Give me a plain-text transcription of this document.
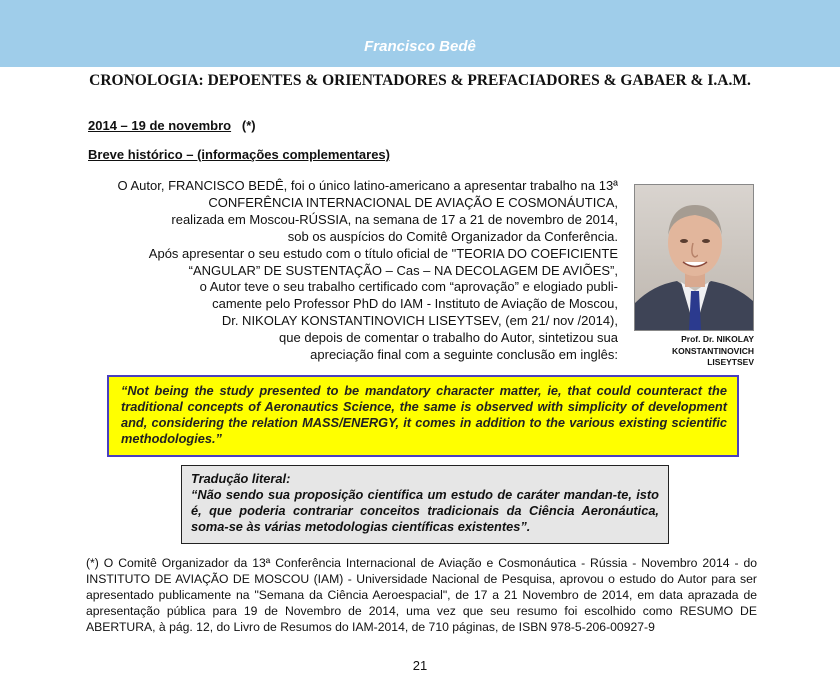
Francisco Bedê
CRONOLOGIA: DEPOENTES & ORIENTADORES & PREFACIADORES & GABAER & I.A.M.
2014 – 19 de novembro (*)
Breve histórico – (informações complementares)

O Autor, FRANCISCO BEDÊ, foi o único latino-americano a apresentar trabalho na 13ª

CONFERÊNCIA INTERNACIONAL DE AVIAÇÃO E COSMONÁUTICA,

realizada em Moscou-RÚSSIA, na semana de 17 a 21 de novembro de 2014,

sob os auspícios do Comitê Organizador da Conferência.

Após apresentar o seu estudo com o título oficial de "TEORIA DO COEFICIENTE

“ANGULAR” DE SUSTENTAÇÃO – Cas – NA DECOLAGEM DE AVIÕES”,

o Autor teve o seu trabalho certificado com “aprovação” e elogiado publi-

camente pelo Professor PhD do IAM - Instituto de Aviação de Moscou,

Dr. NIKOLAY KONSTANTINOVICH LISEYTSEV, (em 21/ nov /2014),

que depois de comentar o trabalho do Autor, sintetizou sua

apreciação final com a seguinte conclusão em inglês:

Prof. Dr. NIKOLAY

KONSTANTINOVICH

LISEYTSEV

“Not being the study presented to be mandatory character matter, ie, that could counteract the traditional concepts of Aeronautics Science, the same is observed with simplicity of development and, considering the relation MASS/ENERGY, it comes in addition to the various existing scientific methodologies.”

Tradução literal:

“Não sendo sua proposição científica um estudo de caráter mandan-te, isto é, que poderia contrariar conceitos tradicionais da Ciência Aeronáutica, soma-se às várias metodologias científicas existentes”.

(*) O Comitê Organizador da 13ª Conferência Internacional de Aviação e Cosmonáutica - Rússia - Novembro 2014 - do INSTITUTO DE AVIAÇÃO DE MOSCOU (IAM) - Universidade Nacional de Pesquisa, aprovou o estudo do Autor para ser apresentado publicamente na "Semana da Ciência Aeroespacial", de 17 a 21 Novembro de 2014, em data aprazada de apresentação pública para 19 de Novembro de 2014, uma vez que seu resumo foi escolhido como RESUMO DE ABERTURA, à pág. 12, do Livro de Resumos do IAM-2014, de 710 páginas, de ISBN 978-5-206-00927-9
21
